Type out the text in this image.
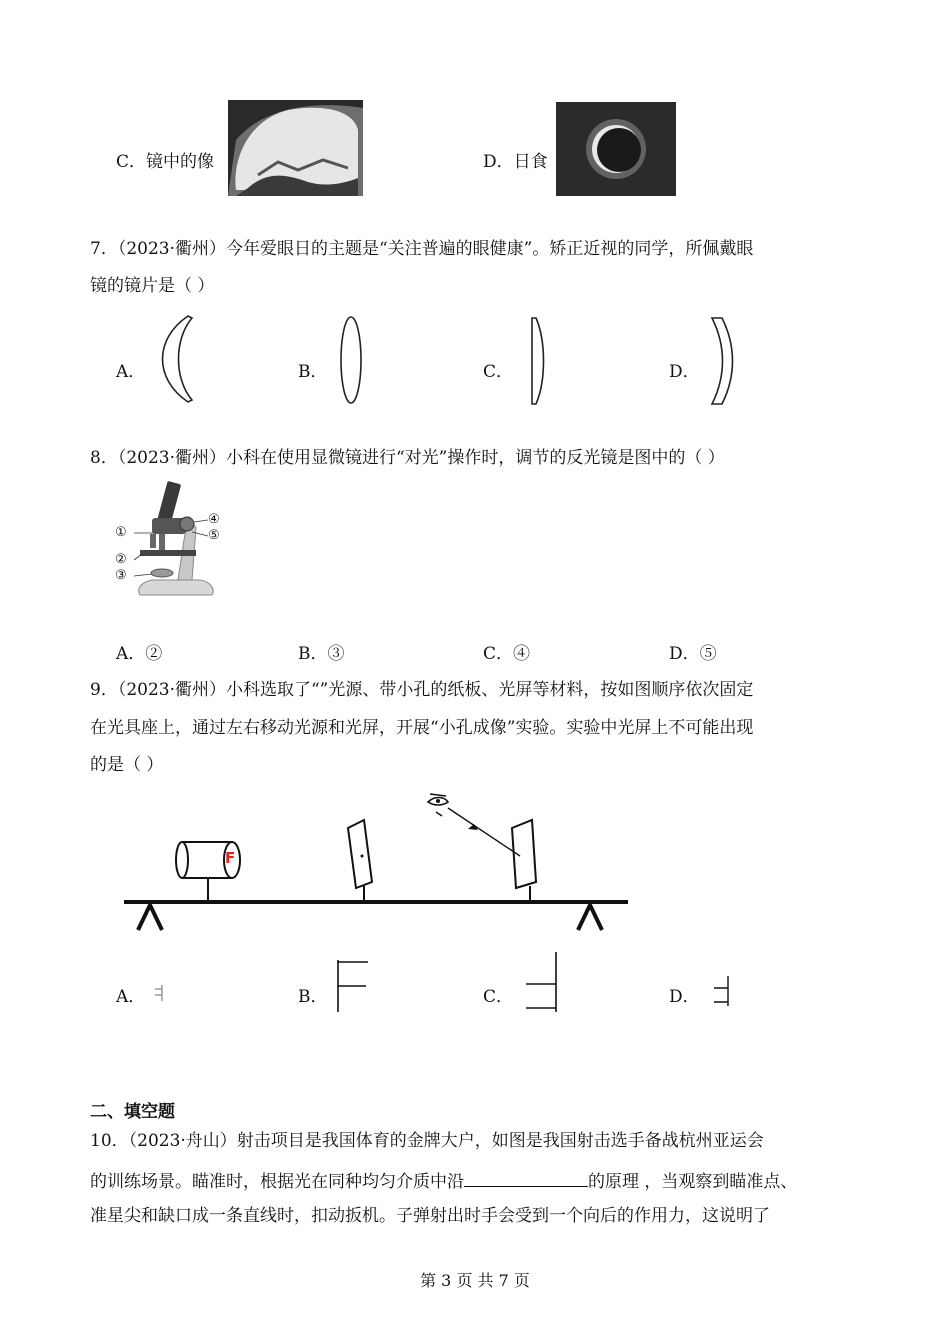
C．镜中的像	D．日食
7．（2023·衢州）今年爱眼日的主题是“关注普遍的眼健康”。矫正近视的同学，所佩戴眼
镜的镜片是（ ）
A．	B．	C．	D．
8．（2023·衢州）小科在使用显微镜进行“对光”操作时，调节的反光镜是图中的（ ）
①
②
③
④
⑤
A．②	B．③	C．④	D．⑤
9．（2023·衢州）小科选取了“”光源、带小孔的纸板、光屏等材料，按如图顺序依次固定
在光具座上，通过左右移动光源和光屏，开展“小孔成像”实验。实验中光屏上不可能出现
的是（ ）
F
A．	B．	C．	D．
二、填空题
10．（2023·舟山）射击项目是我国体育的金牌大户，如图是我国射击选手备战杭州亚运会
的训练场景。瞄准时，根据光在同种均匀介质中沿	的原理 ，当观察到瞄准点、
准星尖和缺口成一条直线时，扣动扳机。子弹射出时手会受到一个向后的作用力，这说明了
第 3 页 共 7 页
